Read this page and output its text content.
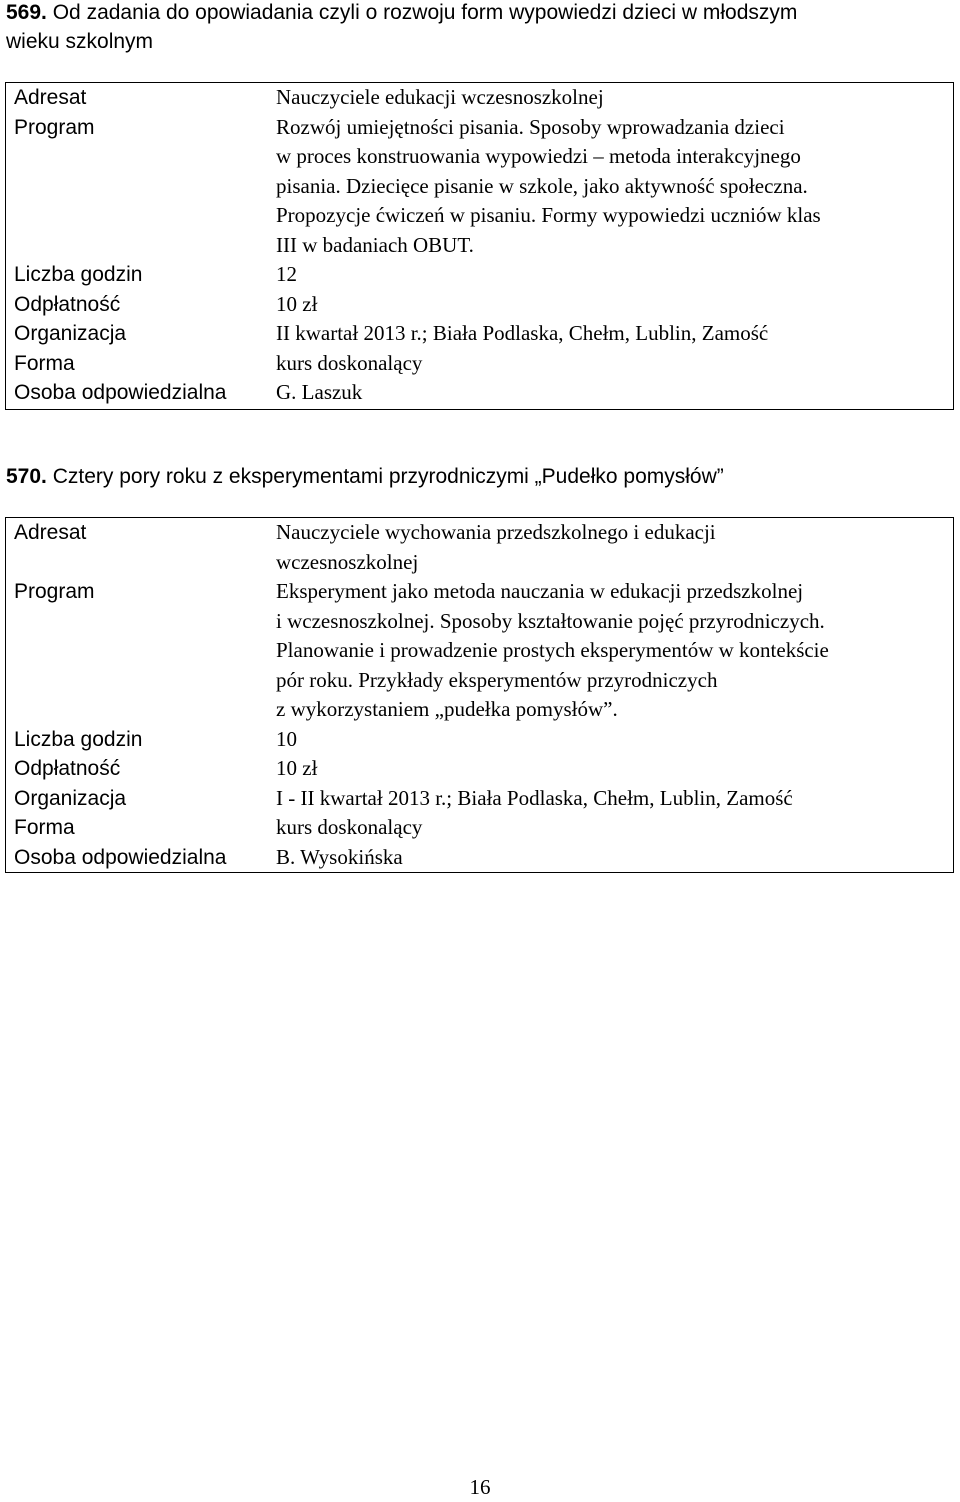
569. Od zadania do opowiadania czyli o rozwoju form wypowiedzi dzieci w młodszym
wieku szkolnym
Adresat	Nauczyciele edukacji wczesnoszkolnej
Program	Rozwój umiejętności pisania. Sposoby wprowadzania dzieci
w proces konstruowania wypowiedzi – metoda interakcyjnego
pisania. Dziecięce pisanie w szkole, jako aktywność społeczna.
Propozycje ćwiczeń w pisaniu. Formy wypowiedzi uczniów klas
III w badaniach OBUT.
Liczba godzin	12
Odpłatność	10 zł
Organizacja	II kwartał 2013 r.; Biała Podlaska, Chełm, Lublin, Zamość
Forma	kurs doskonalący
Osoba odpowiedzialna	G. Laszuk
570. Cztery pory roku z eksperymentami przyrodniczymi „Pudełko pomysłów”
Adresat	Nauczyciele wychowania przedszkolnego i edukacji
wczesnoszkolnej
Program	Eksperyment jako metoda nauczania w edukacji przedszkolnej
i wczesnoszkolnej. Sposoby kształtowanie pojęć przyrodniczych.
Planowanie i prowadzenie prostych eksperymentów w kontekście
pór roku. Przykłady eksperymentów przyrodniczych
z wykorzystaniem „pudełka pomysłów”.
Liczba godzin	10
Odpłatność	10 zł
Organizacja	I - II kwartał 2013 r.; Biała Podlaska, Chełm, Lublin, Zamość
Forma	kurs doskonalący
Osoba odpowiedzialna	B. Wysokińska
16
